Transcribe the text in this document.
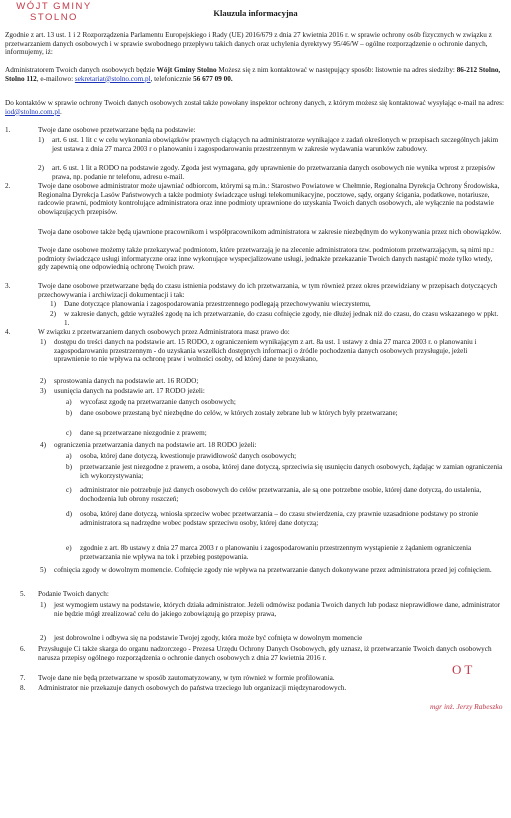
WÓJT GMINY
STOLNO	Klauzula informacyjna
Zgodnie z art. 13 ust. 1 i 2 Rozporządzenia Parlamentu Europejskiego i Rady (UE) 2016/679 z dnia 27 kwietnia 2016 r. w sprawie ochrony osób fizycznych w związku z przetwarzaniem danych osobowych i w sprawie swobodnego przepływu takich danych oraz uchylenia dyrektywy 95/46/W – ogólne rozporządzenie o ochronie danych, informujemy, iż:
Administratorem Twoich danych osobowych będzie Wójt Gminy Stolno Możesz się z nim kontaktować w następujący sposób: listownie na adres siedziby: 86-212 Stolno, Stolno 112, e-mailowo: sekretariat@stolno.com.pl, telefonicznie 56 677 09 00.
Do kontaktów w sprawie ochrony Twoich danych osobowych został także powołany inspektor ochrony danych, z którym możesz się kontaktować wysyłając e-mail na adres: iod@stolno.com.pl.
1.	Twoje dane osobowe przetwarzane będą na podstawie:
1) art. 6 ust. 1 lit c w celu wykonania obowiązków prawnych ciążących na administratorze wynikające z zadań określonych w przepisach szczególnych jakim jest ustawa z dnia 27 marca 2003 r o planowaniu i zagospodarowaniu przestrzennym w zakresie wydawania warunków zabudowy.
2) art. 6 ust. 1 lit a RODO na podstawie zgody. Zgoda jest wymagana, gdy uprawnienie do przetwarzania danych osobowych nie wynika wprost z przepisów prawa, np. podanie nr telefonu, adresu e-mail.
2.	Twoje dane osobowe administrator może ujawniać odbiorcom, którymi są m.in.: Starostwo Powiatowe w Chełmnie, Regionalna Dyrekcja Ochrony Środowiska, Regionalna Dyrekcja Lasów Państwowych a także podmioty świadczące usługi telekomunikacyjne, pocztowe, sądy, organy ścigania, podatkowe, notariusze, radcowie prawni, podmioty kontrolujące administratora oraz inne podmioty uprawnione do uzyskania Twoich danych osobowych, ale wyłącznie na podstawie obowiązujących przepisów.
Twoja dane osobowe także będą ujawnione pracownikom i współpracownikom administratora w zakresie niezbędnym do wykonywania przez nich obowiązków.
Twoje dane osobowe możemy także przekazywać podmiotom, które przetwarzają je na zlecenie administratora tzw. podmiotom przetwarzającym, są nimi np.: podmioty świadczące usługi informatyczne oraz inne wykonujące wyspecjalizowane usługi, jednakże przekazanie Twoich danych nastąpić może tylko wtedy, gdy zapewnią one odpowiednią ochronę Twoich praw.
3.	Twoje dane osobowe przetwarzane będą do czasu istnienia podstawy do ich przetwarzania, w tym również przez okres przewidziany w przepisach dotyczących przechowywania i archiwizacji dokumentacji i tak:
1) Dane dotyczące planowania i zagospodarowania przestrzennego podlegają przechowywaniu wieczystemu,
2) w zakresie danych, gdzie wyrażłeś zgodę na ich przetwarzanie, do czasu cofnięcie zgody, nie dłużej jednak niż do czasu, do czasu wskazanego w ppkt. 1.
4.	W związku z przetwarzaniem danych osobowych przez Administratora masz prawo do:
1) dostępu do treści danych na podstawie art. 15 RODO, z ograniczeniem wynikającym z art. 8a ust. 1 ustawy z dnia 27 marca 2003 r. o planowaniu i zagospodarowaniu przestrzennym - do uzyskania wszelkich dostępnych informacji o źródle pochodzenia danych osobowych przysługuje, jeżeli uprawnienie to nie wpływa na ochronę praw i wolności osoby, od której dane te pozyskano,
2) sprostowania danych na podstawie art. 16 RODO;
3) usunięcia danych na podstawie art. 17 RODO jeżeli:
a) wycofasz zgodę na przetwarzanie danych osobowych;
b) dane osobowe przestaną być niezbędne do celów, w których zostały zebrane lub w których były przetwarzane;
c) dane są przetwarzane niezgodnie z prawem;
4) ograniczenia przetwarzania danych na podstawie art. 18 RODO jeżeli:
a) osoba, której dane dotyczą, kwestionuje prawidłowość danych osobowych;
b) przetwarzanie jest niezgodne z prawem, a osoba, której dane dotyczą, sprzeciwia się usunięciu danych osobowych, żądając w zamian ograniczenia ich wykorzystywania;
c) administrator nie potrzebuje już danych osobowych do celów przetwarzania, ale są one potrzebne osobie, której dane dotyczą, do ustalenia, dochodzenia lub obrony roszczeń;
d) osoba, której dane dotyczą, wniosła sprzeciw wobec przetwarzania – do czasu stwierdzenia, czy prawnie uzasadnione podstawy po stronie administratora są nadrzędne wobec podstaw sprzeciwu osoby, której dane dotyczą;
e) zgodnie z art. 8b ustawy z dnia 27 marca 2003 r o planowaniu i zagospodarowaniu przestrzennym wystąpienie z żądaniem ograniczenia przetwarzania nie wpływa na tok i przebieg postępowania.
5) cofnięcia zgody w dowolnym momencie. Cofnięcie zgody nie wpływa na przetwarzanie danych dokonywane przez administratora przed jej cofnięciem.
5. Podanie Twoich danych:
1) jest wymogiem ustawy na podstawie, których działa administrator. Jeżeli odmówisz podania Twoich danych lub podasz nieprawidłowe dane, administrator nie będzie mógł zrealizować celu do jakiego zobowiązują go przepisy prawa,
2) jest dobrowolne i odbywa się na podstawie Twojej zgody, która może być cofnięta w dowolnym momencie
6. Przysługuje Ci także skarga do organu nadzorczego - Prezesa Urzędu Ochrony Danych Osobowych, gdy uznasz, iż przetwarzanie Twoich danych osobowych narusza przepisy ogólnego rozporządzenia o ochronie danych osobowych z dnia 27 kwietnia 2016 r.
7. Twoje dane nie będą przetwarzane w sposób zautomatyzowany, w tym również w formie profilowania.
8. Administrator nie przekazuje danych osobowych do państwa trzeciego lub organizacji międzynarodowych.
O T
mgr inż. Jerzy Rabeszko
